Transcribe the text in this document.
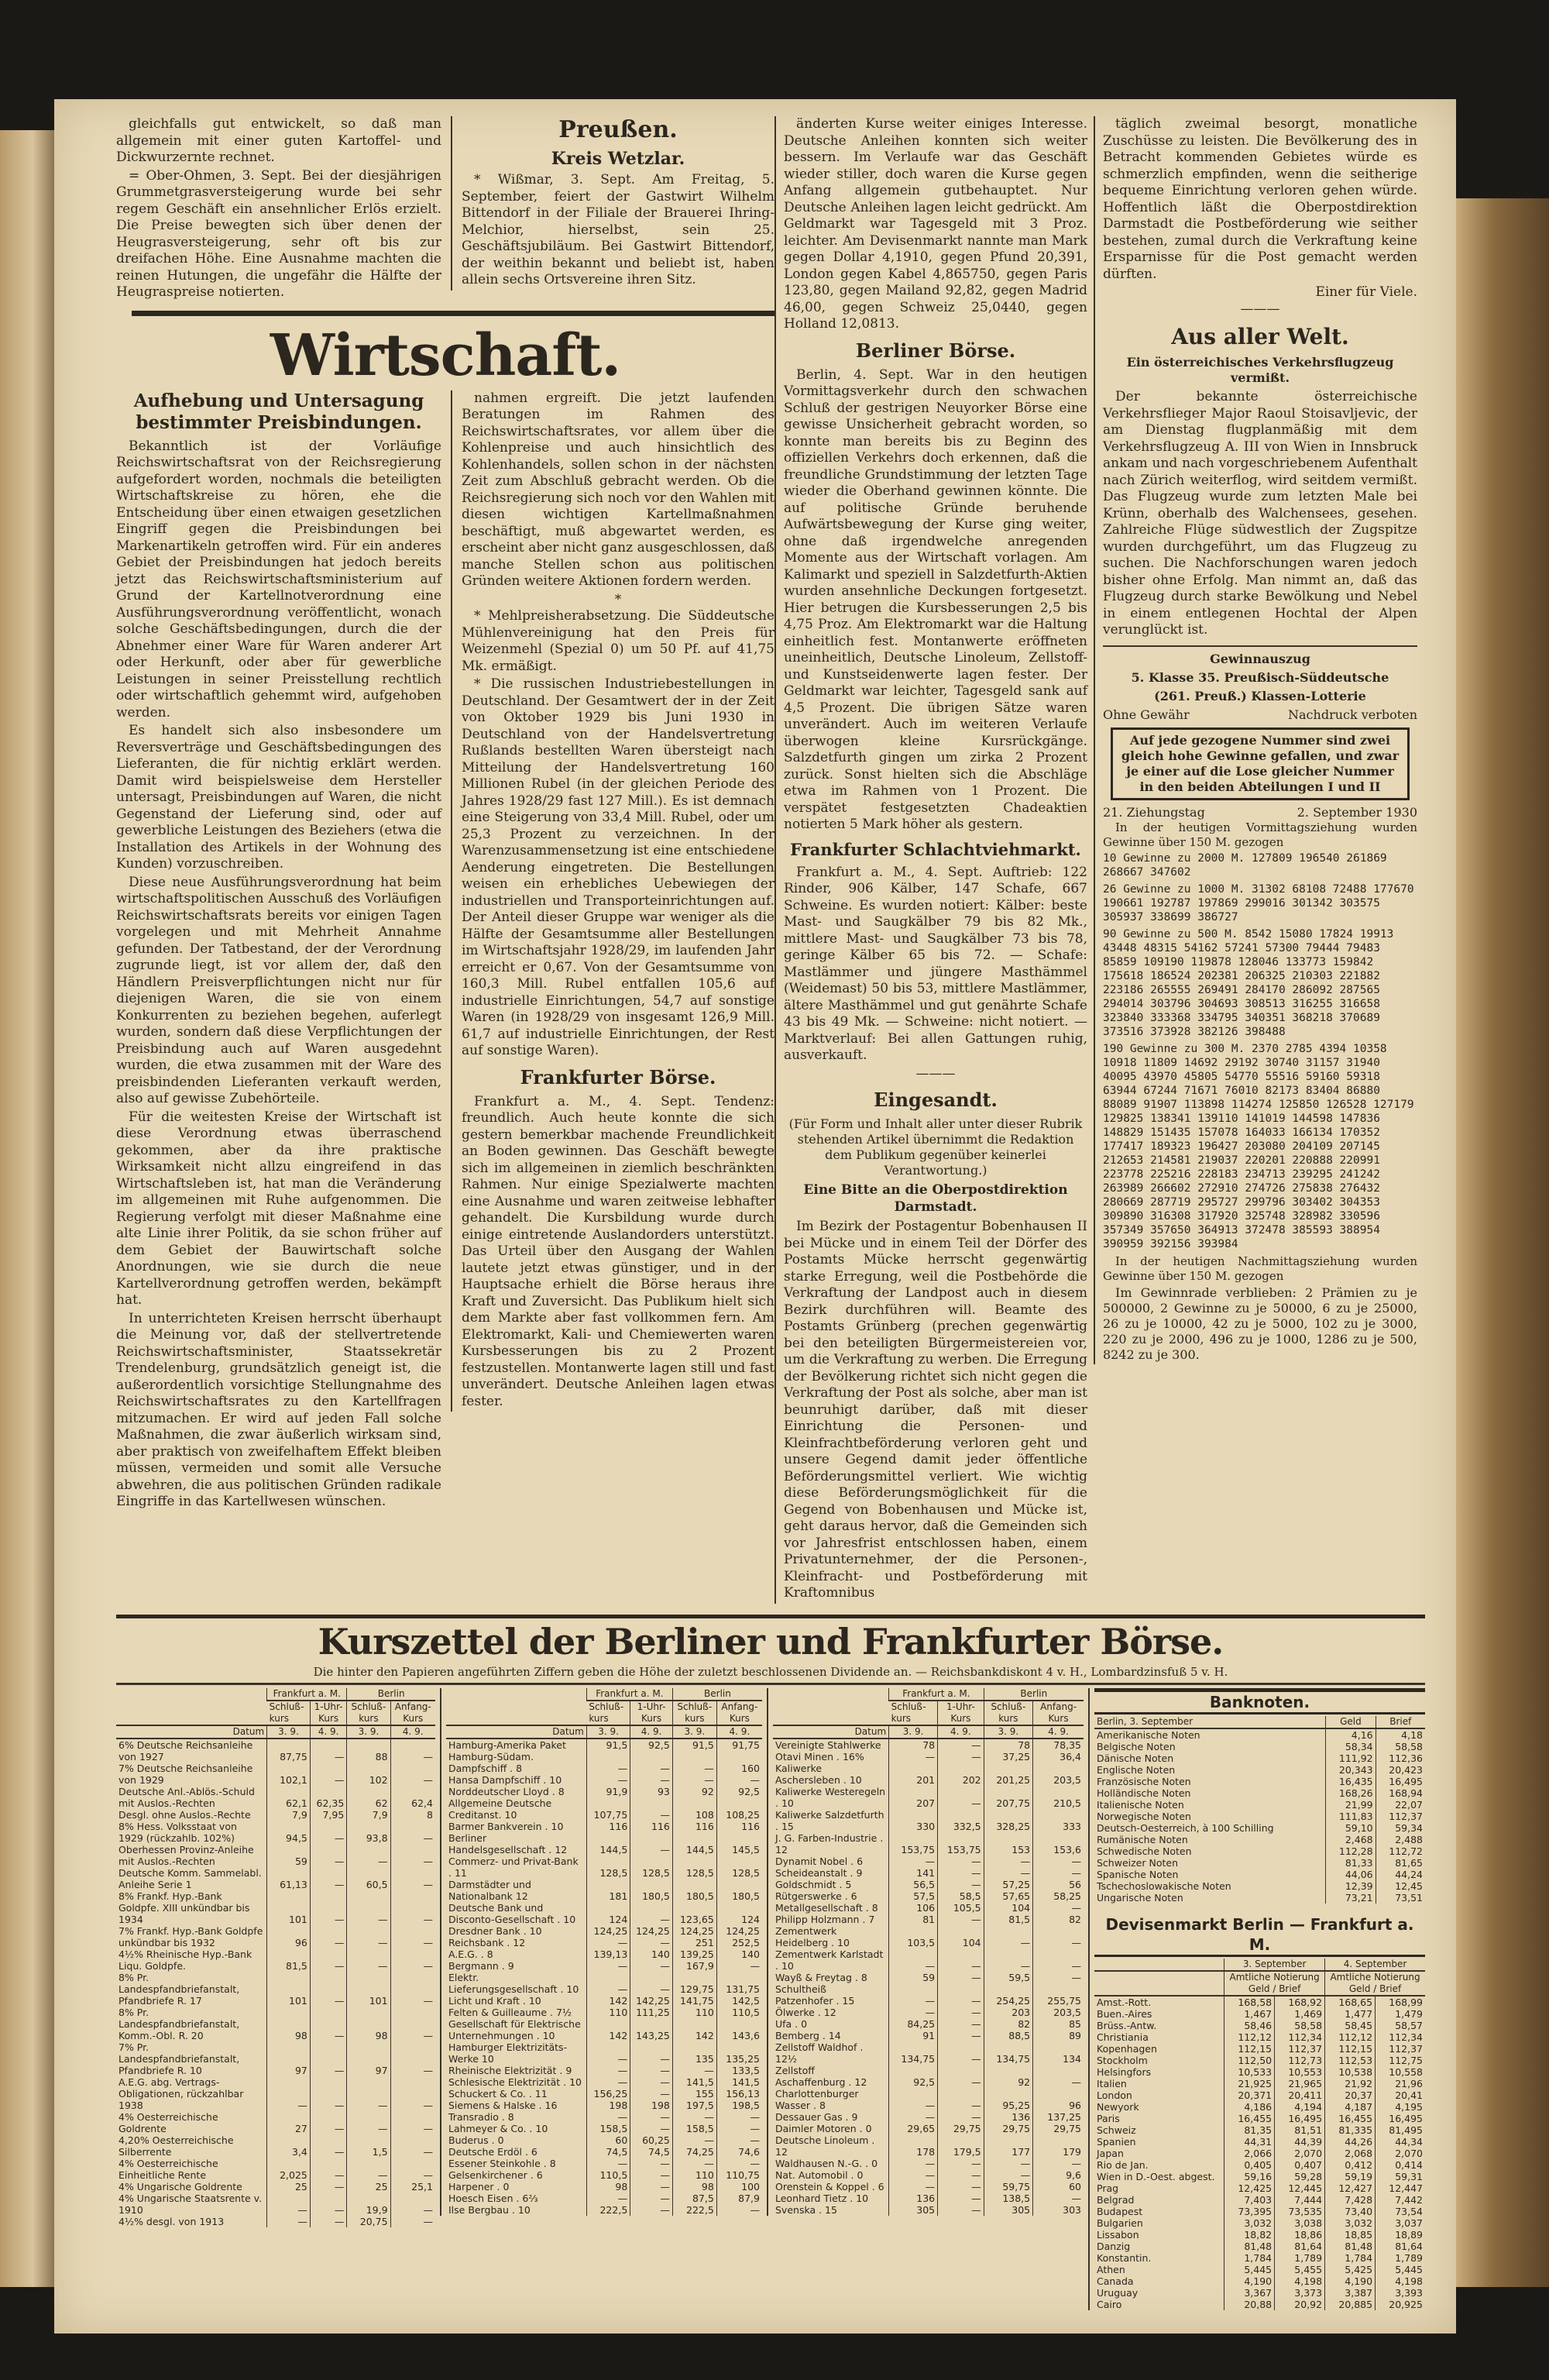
gleichfalls gut entwickelt, so daß man allgemein mit einer guten Kartoffel- und Dickwurzernte rechnet.

= Ober-Ohmen, 3. Sept. Bei der diesjährigen Grummetgrasversteigerung wurde bei sehr regem Geschäft ein ansehnlicher Erlös erzielt. Die Preise bewegten sich über denen der Heugrasversteigerung, sehr oft bis zur dreifachen Höhe. Eine Ausnahme machten die reinen Hutungen, die ungefähr die Hälfte der Heugraspreise notierten.

Preußen.
Kreis Wetzlar.

* Wißmar, 3. Sept. Am Freitag, 5. September, feiert der Gastwirt Wilhelm Bittendorf in der Filiale der Brauerei Ihring-Melchior, hierselbst, sein 25. Geschäftsjubiläum. Bei Gastwirt Bittendorf, der weithin bekannt und beliebt ist, haben allein sechs Ortsvereine ihren Sitz.

Wirtschaft.
Aufhebung und Untersagung bestimmter Preisbindungen.

Bekanntlich ist der Vorläufige Reichswirtschaftsrat von der Reichsregierung aufgefordert worden, nochmals die beteiligten Wirtschaftskreise zu hören, ehe die Entscheidung über einen etwaigen gesetzlichen Eingriff gegen die Preisbindungen bei Markenartikeln getroffen wird. Für ein anderes Gebiet der Preisbindungen hat jedoch bereits jetzt das Reichswirtschaftsministerium auf Grund der Kartellnotverordnung eine Ausführungsverordnung veröffentlicht, wonach solche Geschäftsbedingungen, durch die der Abnehmer einer Ware für Waren anderer Art oder Herkunft, oder aber für gewerbliche Leistungen in seiner Preisstellung rechtlich oder wirtschaftlich gehemmt wird, aufgehoben werden.

Es handelt sich also insbesondere um Reversverträge und Geschäftsbedingungen des Lieferanten, die für nichtig erklärt werden. Damit wird beispielsweise dem Hersteller untersagt, Preisbindungen auf Waren, die nicht Gegenstand der Lieferung sind, oder auf gewerbliche Leistungen des Beziehers (etwa die Installation des Artikels in der Wohnung des Kunden) vorzuschreiben.

Diese neue Ausführungsverordnung hat beim wirtschaftspolitischen Ausschuß des Vorläufigen Reichswirtschaftsrats bereits vor einigen Tagen vorgelegen und mit Mehrheit Annahme gefunden. Der Tatbestand, der der Verordnung zugrunde liegt, ist vor allem der, daß den Händlern Preisverpflichtungen nicht nur für diejenigen Waren, die sie von einem Konkurrenten zu beziehen begehen, auferlegt wurden, sondern daß diese Verpflichtungen der Preisbindung auch auf Waren ausgedehnt wurden, die etwa zusammen mit der Ware des preisbindenden Lieferanten verkauft werden, also auf gewisse Zubehörteile.

Für die weitesten Kreise der Wirtschaft ist diese Verordnung etwas überraschend gekommen, aber da ihre praktische Wirksamkeit nicht allzu eingreifend in das Wirtschaftsleben ist, hat man die Veränderung im allgemeinen mit Ruhe aufgenommen. Die Regierung verfolgt mit dieser Maßnahme eine alte Linie ihrer Politik, da sie schon früher auf dem Gebiet der Bauwirtschaft solche Anordnungen, wie sie durch die neue Kartellverordnung getroffen werden, bekämpft hat.

In unterrichteten Kreisen herrscht überhaupt die Meinung vor, daß der stellvertretende Reichswirtschaftsminister, Staatssekretär Trendelenburg, grundsätzlich geneigt ist, die außerordentlich vorsichtige Stellungnahme des Reichswirtschaftsrates zu den Kartellfragen mitzumachen. Er wird auf jeden Fall solche Maßnahmen, die zwar äußerlich wirksam sind, aber praktisch von zweifelhaftem Effekt bleiben müssen, vermeiden und somit alle Versuche abwehren, die aus politischen Gründen radikale Eingriffe in das Kartellwesen wünschen.

nahmen ergreift. Die jetzt laufenden Beratungen im Rahmen des Reichswirtschaftsrates, vor allem über die Kohlenpreise und auch hinsichtlich des Kohlenhandels, sollen schon in der nächsten Zeit zum Abschluß gebracht werden. Ob die Reichsregierung sich noch vor den Wahlen mit diesen wichtigen Kartellmaßnahmen beschäftigt, muß abgewartet werden, es erscheint aber nicht ganz ausgeschlossen, daß manche Stellen schon aus politischen Gründen weitere Aktionen fordern werden.

*

* Mehlpreisherabsetzung. Die Süddeutsche Mühlenvereinigung hat den Preis für Weizenmehl (Spezial 0) um 50 Pf. auf 41,75 Mk. ermäßigt.

* Die russischen Industriebestellungen in Deutschland. Der Gesamtwert der in der Zeit von Oktober 1929 bis Juni 1930 in Deutschland von der Handelsvertretung Rußlands bestellten Waren übersteigt nach Mitteilung der Handelsvertretung 160 Millionen Rubel (in der gleichen Periode des Jahres 1928/29 fast 127 Mill.). Es ist demnach eine Steigerung von 33,4 Mill. Rubel, oder um 25,3 Prozent zu verzeichnen. In der Warenzusammensetzung ist eine entschiedene Aenderung eingetreten. Die Bestellungen weisen ein erhebliches Uebewiegen der industriellen und Transporteinrichtungen auf. Der Anteil dieser Gruppe war weniger als die Hälfte der Gesamtsumme aller Bestellungen im Wirtschaftsjahr 1928/29, im laufenden Jahr erreicht er 0,67. Von der Gesamtsumme von 160,3 Mill. Rubel entfallen 105,6 auf industrielle Einrichtungen, 54,7 auf sonstige Waren (in 1928/29 von insgesamt 126,9 Mill. 61,7 auf industrielle Einrichtungen, der Rest auf sonstige Waren).

Frankfurter Börse.

Frankfurt a. M., 4. Sept. Tendenz: freundlich. Auch heute konnte die sich gestern bemerkbar machende Freundlichkeit an Boden gewinnen. Das Geschäft bewegte sich im allgemeinen in ziemlich beschränkten Rahmen. Nur einige Spezialwerte machten eine Ausnahme und waren zeitweise lebhafter gehandelt. Die Kursbildung wurde durch einige eintretende Auslandorders unterstützt. Das Urteil über den Ausgang der Wahlen lautete jetzt etwas günstiger, und in der Hauptsache erhielt die Börse heraus ihre Kraft und Zuversicht. Das Publikum hielt sich dem Markte aber fast vollkommen fern. Am Elektromarkt, Kali- und Chemiewerten waren Kursbesserungen bis zu 2 Prozent festzustellen. Montanwerte lagen still und fast unverändert. Deutsche Anleihen lagen etwas fester.

änderten Kurse weiter einiges Interesse. Deutsche Anleihen konnten sich weiter bessern. Im Verlaufe war das Geschäft wieder stiller, doch waren die Kurse gegen Anfang allgemein gutbehauptet. Nur Deutsche Anleihen lagen leicht gedrückt. Am Geldmarkt war Tagesgeld mit 3 Proz. leichter. Am Devisenmarkt nannte man Mark gegen Dollar 4,1910, gegen Pfund 20,391, London gegen Kabel 4,865750, gegen Paris 123,80, gegen Mailand 92,82, gegen Madrid 46,00, gegen Schweiz 25,0440, gegen Holland 12,0813.

Berliner Börse.

Berlin, 4. Sept. War in den heutigen Vormittagsverkehr durch den schwachen Schluß der gestrigen Neuyorker Börse eine gewisse Unsicherheit gebracht worden, so konnte man bereits bis zu Beginn des offiziellen Verkehrs doch erkennen, daß die freundliche Grundstimmung der letzten Tage wieder die Oberhand gewinnen könnte. Die auf politische Gründe beruhende Aufwärtsbewegung der Kurse ging weiter, ohne daß irgendwelche anregenden Momente aus der Wirtschaft vorlagen. Am Kalimarkt und speziell in Salzdetfurth-Aktien wurden ansehnliche Deckungen fortgesetzt. Hier betrugen die Kursbesserungen 2,5 bis 4,75 Proz. Am Elektromarkt war die Haltung einheitlich fest. Montanwerte eröffneten uneinheitlich, Deutsche Linoleum, Zellstoff- und Kunstseidenwerte lagen fester. Der Geldmarkt war leichter, Tagesgeld sank auf 4,5 Prozent. Die übrigen Sätze waren unverändert. Auch im weiteren Verlaufe überwogen kleine Kursrückgänge. Salzdetfurth gingen um zirka 2 Prozent zurück. Sonst hielten sich die Abschläge etwa im Rahmen von 1 Prozent. Die verspätet festgesetzten Chadeaktien notierten 5 Mark höher als gestern.

Frankfurter Schlachtviehmarkt.

Frankfurt a. M., 4. Sept. Auftrieb: 122 Rinder, 906 Kälber, 147 Schafe, 667 Schweine. Es wurden notiert: Kälber: beste Mast- und Saugkälber 79 bis 82 Mk., mittlere Mast- und Saugkälber 73 bis 78, geringe Kälber 65 bis 72. — Schafe: Mastlämmer und jüngere Masthämmel (Weidemast) 50 bis 53, mittlere Mastlämmer, ältere Masthämmel und gut genährte Schafe 43 bis 49 Mk. — Schweine: nicht notiert. — Marktverlauf: Bei allen Gattungen ruhig, ausverkauft.

———
Eingesandt.
(Für Form und Inhalt aller unter dieser Rubrik stehenden Artikel übernimmt die Redaktion dem Publikum gegenüber keinerlei Verantwortung.)
Eine Bitte an die Oberpostdirektion Darmstadt.

Im Bezirk der Postagentur Bobenhausen II bei Mücke und in einem Teil der Dörfer des Postamts Mücke herrscht gegenwärtig starke Erregung, weil die Postbehörde die Verkraftung der Landpost auch in diesem Bezirk durchführen will. Beamte des Postamts Grünberg (prechen gegenwärtig bei den beteiligten Bürgermeistereien vor, um die Verkraftung zu werben. Die Erregung der Bevölkerung richtet sich nicht gegen die Verkraftung der Post als solche, aber man ist beunruhigt darüber, daß mit dieser Einrichtung die Personen- und Kleinfrachtbeförderung verloren geht und unsere Gegend damit jeder öffentliche Beförderungsmittel verliert. Wie wichtig diese Beförderungsmöglichkeit für die Gegend von Bobenhausen und Mücke ist, geht daraus hervor, daß die Gemeinden sich vor Jahresfrist entschlossen haben, einem Privatunternehmer, der die Personen-, Kleinfracht- und Postbeförderung mit Kraftomnibus

täglich zweimal besorgt, monatliche Zuschüsse zu leisten. Die Bevölkerung des in Betracht kommenden Gebietes würde es schmerzlich empfinden, wenn die seitherige bequeme Einrichtung verloren gehen würde. Hoffentlich läßt die Oberpostdirektion Darmstadt die Postbeförderung wie seither bestehen, zumal durch die Verkraftung keine Ersparnisse für die Post gemacht werden dürften.

Einer für Viele.
———
Aus aller Welt.
Ein österreichisches Verkehrsflugzeug vermißt.

Der bekannte österreichische Verkehrsflieger Major Raoul Stoisavljevic, der am Dienstag flugplanmäßig mit dem Verkehrsflugzeug A. III von Wien in Innsbruck ankam und nach vorgeschriebenem Aufenthalt nach Zürich weiterflog, wird seitdem vermißt. Das Flugzeug wurde zum letzten Male bei Krünn, oberhalb des Walchensees, gesehen. Zahlreiche Flüge südwestlich der Zugspitze wurden durchgeführt, um das Flugzeug zu suchen. Die Nachforschungen waren jedoch bisher ohne Erfolg. Man nimmt an, daß das Flugzeug durch starke Bewölkung und Nebel in einem entlegenen Hochtal der Alpen verunglückt ist.

Gewinnauszug
5. Klasse 35. Preußisch-Süddeutsche
(261. Preuß.) Klassen-Lotterie
Ohne Gewähr	Nachdruck verboten
Auf jede gezogene Nummer sind zwei gleich hohe Gewinne gefallen, und zwar je einer auf die Lose gleicher Nummer in den beiden Abteilungen I und II
21. Ziehungstag	2. September 1930

In der heutigen Vormittagsziehung wurden Gewinne über 150 M. gezogen

10 Gewinne zu 2000 M. 127809 196540 261869 268667 347602

26 Gewinne zu 1000 M. 31302 68108 72488 177670 190661 192787 197869 299016 301342 303575 305937 338699 386727

90 Gewinne zu 500 M. 8542 15080 17824 19913 43448 48315 54162 57241 57300 79444 79483 85859 109190 119878 128046 133773 159842 175618 186524 202381 206325 210303 221882 223186 265555 269491 284170 286092 287565 294014 303796 304693 308513 316255 316658 323840 333368 334795 340351 368218 370689 373516 373928 382126 398488

190 Gewinne zu 300 M. 2370 2785 4394 10358 10918 11809 14692 29192 30740 31157 31940 40095 43970 45805 54770 55516 59160 59318 63944 67244 71671 76010 82173 83404 86880 88089 91907 113898 114274 125850 126528 127179 129825 138341 139110 141019 144598 147836 148829 151435 157078 164033 166134 170352 177417 189323 196427 203080 204109 207145 212653 214581 219037 220201 220888 220991 223778 225216 228183 234713 239295 241242 263989 266602 272910 274726 275838 276432 280669 287719 295727 299796 303402 304353 309890 316308 317920 325748 328982 330596 357349 357650 364913 372478 385593 388954 390959 392156 393984

In der heutigen Nachmittagsziehung wurden Gewinne über 150 M. gezogen

Im Gewinnrade verblieben: 2 Prämien zu je 500000, 2 Gewinne zu je 50000, 6 zu je 25000, 26 zu je 10000, 42 zu je 5000, 102 zu je 3000, 220 zu je 2000, 496 zu je 1000, 1286 zu je 500, 8242 zu je 300.

Kurszettel der Berliner und Frankfurter Börse.
Die hinter den Papieren angeführten Ziffern geben die Höhe der zuletzt beschlossenen Dividende an. — Reichsbankdiskont 4 v. H., Lombardzinsfuß 5 v. H.
	Frankfurt a. M.		Berlin	
	Schluß-kurs	1-Uhr-Kurs	Schluß-kurs	Anfang-Kurs
Datum	3. 9.	4. 9.	3. 9.	4. 9.
6% Deutsche Reichsanleihe von 1927	87,75	—	88	—
7% Deutsche Reichsanleihe von 1929	102,1	—	102	—
Deutsche Anl.-Ablös.-Schuld mit Auslos.-Rechten	62,1	62,35	62	62,4
Desgl. ohne Auslos.-Rechte	7,9	7,95	7,9	8
8% Hess. Volksstaat von 1929 (rückzahlb. 102%)	94,5	—	93,8	—
Oberhessen Provinz-Anleihe mit Auslos.-Rechten	59	—	—	—
Deutsche Komm. Sammelabl. Anleihe Serie 1	61,13	—	60,5	—
8% Frankf. Hyp.-Bank Goldpfe. XIII unkündbar bis 1934	101	—	—	—
7% Frankf. Hyp.-Bank Goldpfe unkündbar bis 1932	96	—	—	—
4½% Rheinische Hyp.-Bank Liqu. Goldpfe.	81,5	—	—	—
8% Pr. Landespfandbriefanstalt, Pfandbriefe R. 17	101	—	101	—
8% Pr. Landespfandbriefanstalt, Komm.-Obl. R. 20	98	—	98	—
7% Pr. Landespfandbriefanstalt, Pfandbriefe R. 10	97	—	97	—
A.E.G. abg. Vertrags-Obligationen, rückzahlbar 1938	—	—	—	—
4% Oesterreichische Goldrente	27	—	—	—
4,20% Oesterreichische Silberrente	3,4	—	1,5	—
4% Oesterreichische Einheitliche Rente	2,025	—	—	—
4% Ungarische Goldrente	25	—	25	25,1
4% Ungarische Staatsrente v. 1910	—	—	19,9	—
4½% desgl. von 1913	—	—	20,75	—
	Frankfurt a. M.		Berlin	
	Schluß-kurs	1-Uhr-Kurs	Schluß-kurs	Anfang-Kurs
Datum	3. 9.	4. 9.	3. 9.	4. 9.
Hamburg-Amerika Paket	91,5	92,5	91,5	91,75
Hamburg-Südam. Dampfschiff . 8	—	—	—	160
Hansa Dampfschiff . 10	—	—	—	—
Norddeutscher Lloyd . 8	91,9	93	92	92,5
Allgemeine Deutsche Creditanst. 10	107,75	—	108	108,25
Barmer Bankverein . 10	116	116	116	116
Berliner Handelsgesellschaft . 12	144,5	—	144,5	145,5
Commerz- und Privat-Bank . 11	128,5	128,5	128,5	128,5
Darmstädter und Nationalbank 12	181	180,5	180,5	180,5
Deutsche Bank und Disconto-Gesellschaft . 10	124	—	123,65	124
Dresdner Bank . 10	124,25	124,25	124,25	124,25
Reichsbank . 12	—	—	251	252,5
A.E.G. . 8	139,13	140	139,25	140
Bergmann . 9	—	—	167,9	—
Elektr. Lieferungsgesellschaft . 10	—	—	129,75	131,75
Licht und Kraft . 10	142	142,25	141,75	142,5
Felten & Guilleaume . 7½	110	111,25	110	110,5
Gesellschaft für Elektrische Unternehmungen . 10	142	143,25	142	143,6
Hamburger Elektrizitäts-Werke 10	—	—	135	135,25
Rheinische Elektrizität . 9	—	—	—	133,5
Schlesische Elektrizität . 10	—	—	141,5	141,5
Schuckert & Co. . 11	156,25	—	155	156,13
Siemens & Halske . 16	198	198	197,5	198,5
Transradio . 8	—	—	—	—
Lahmeyer & Co. . 10	158,5	—	158,5	—
Buderus . 0	60	60,25	—	—
Deutsche Erdöl . 6	74,5	74,5	74,25	74,6
Essener Steinkohle . 8	—	—	—	—
Gelsenkirchener . 6	110,5	—	110	110,75
Harpener . 0	98	—	98	100
Hoesch Eisen . 6⅔	—	—	87,5	87,9
Ilse Bergbau . 10	222,5	—	222,5	—
	Frankfurt a. M.		Berlin	
	Schluß-kurs	1-Uhr-Kurs	Schluß-kurs	Anfang-Kurs
Datum	3. 9.	4. 9.	3. 9.	4. 9.
Vereinigte Stahlwerke	78	—	78	78,35
Otavi Minen . 16%	—	—	37,25	36,4
Kaliwerke Aschersleben . 10	201	202	201,25	203,5
Kaliwerke Westeregeln . 10	207	—	207,75	210,5
Kaliwerke Salzdetfurth . 15	330	332,5	328,25	333
J. G. Farben-Industrie . 12	153,75	153,75	153	153,6
Dynamit Nobel . 6	—	—	—	—
Scheideanstalt . 9	141	—	—	—
Goldschmidt . 5	56,5	—	57,25	56
Rütgerswerke . 6	57,5	58,5	57,65	58,25
Metallgesellschaft . 8	106	105,5	104	—
Philipp Holzmann . 7	81	—	81,5	82
Zementwerk Heidelberg . 10	103,5	104	—	—
Zementwerk Karlstadt . 10	—	—	—	—
Wayß & Freytag . 8	59	—	59,5	—
Schultheiß Patzenhofer . 15	—	—	254,25	255,75
Ölwerke . 12	—	—	203	203,5
Ufa . 0	84,25	—	82	85
Bemberg . 14	91	—	88,5	89
Zellstoff Waldhof . 12½	134,75	—	134,75	134
Zellstoff Aschaffenburg . 12	92,5	—	92	—
Charlottenburger Wasser . 8	—	—	95,25	96
Dessauer Gas . 9	—	—	136	137,25
Daimler Motoren . 0	29,65	29,75	29,75	29,75
Deutsche Linoleum . 12	178	179,5	177	179
Waldhausen N.-G. . 0	—	—	—	—
Nat. Automobil . 0	—	—	—	9,6
Orenstein & Koppel . 6	—	—	59,75	60
Leonhard Tietz . 10	136	—	138,5	—
Svenska . 15	305	—	305	303
Banknoten.
Berlin, 3. September	Geld	Brief
Amerikanische Noten	4,16	4,18
Belgische Noten	58,34	58,58
Dänische Noten	111,92	112,36
Englische Noten	20,343	20,423
Französische Noten	16,435	16,495
Holländische Noten	168,26	168,94
Italienische Noten	21,99	22,07
Norwegische Noten	111,83	112,37
Deutsch-Oesterreich, à 100 Schilling	59,10	59,34
Rumänische Noten	2,468	2,488
Schwedische Noten	112,28	112,72
Schweizer Noten	81,33	81,65
Spanische Noten	44,06	44,24
Tschechoslowakische Noten	12,39	12,45
Ungarische Noten	73,21	73,51
Devisenmarkt Berlin — Frankfurt a. M.
	3. September		4. September	
	Amtliche Notierung
Geld / Brief		Amtliche Notierung
Geld / Brief	
Amst.-Rott.	168,58	168,92	168,65	168,99
Buen.-Aires	1,467	1,469	1,477	1,479
Brüss.-Antw.	58,46	58,58	58,45	58,57
Christiania	112,12	112,34	112,12	112,34
Kopenhagen	112,15	112,37	112,15	112,37
Stockholm	112,50	112,73	112,53	112,75
Helsingfors	10,533	10,553	10,538	10,558
Italien	21,925	21,965	21,92	21,96
London	20,371	20,411	20,37	20,41
Newyork	4,186	4,194	4,187	4,195
Paris	16,455	16,495	16,455	16,495
Schweiz	81,35	81,51	81,335	81,495
Spanien	44,31	44,39	44,26	44,34
Japan	2,066	2,070	2,068	2,070
Rio de Jan.	0,405	0,407	0,412	0,414
Wien in D.-Oest. abgest.	59,16	59,28	59,19	59,31
Prag	12,425	12,445	12,427	12,447
Belgrad	7,403	7,444	7,428	7,442
Budapest	73,395	73,535	73,40	73,54
Bulgarien	3,032	3,038	3,032	3,037
Lissabon	18,82	18,86	18,85	18,89
Danzig	81,48	81,64	81,48	81,64
Konstantin.	1,784	1,789	1,784	1,789
Athen	5,445	5,455	5,425	5,445
Canada	4,190	4,198	4,190	4,198
Uruguay	3,367	3,373	3,387	3,393
Cairo	20,88	20,92	20,885	20,925
